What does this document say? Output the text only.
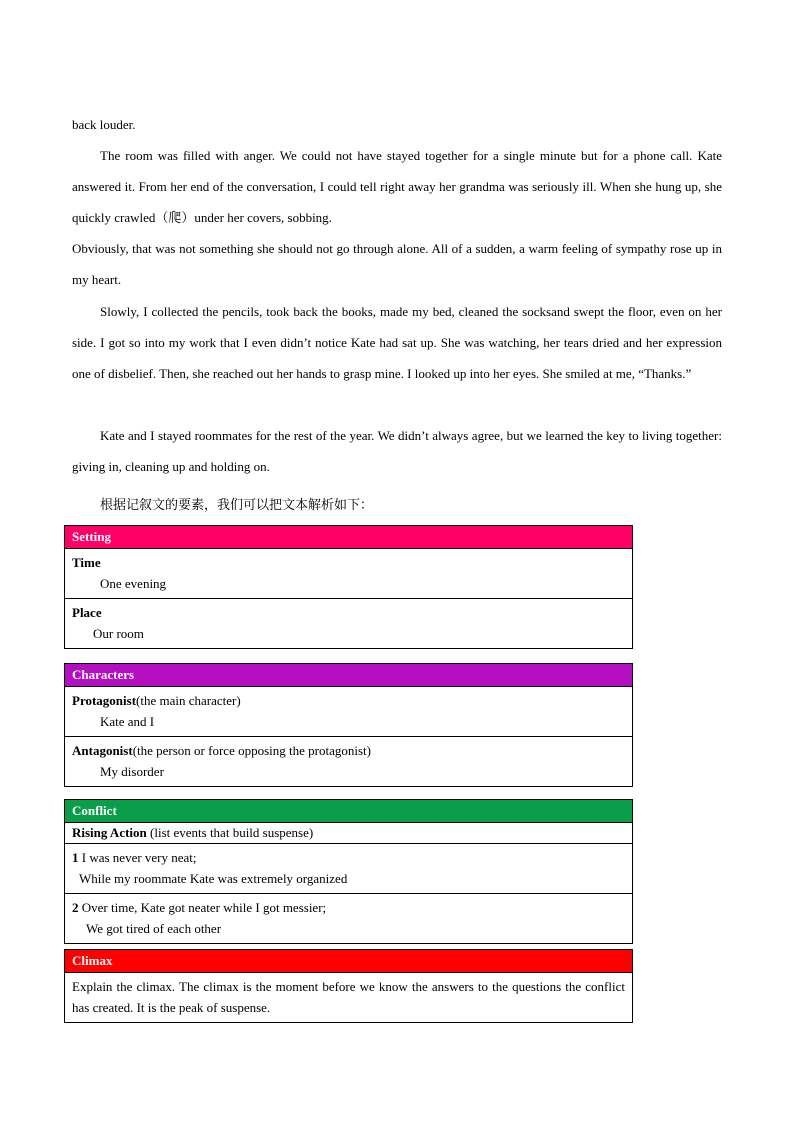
back louder.

The room was filled with anger. We could not have stayed together for a single minute but for a phone call. Kate answered it. From her end of the conversation, I could tell right away her grandma was seriously ill. When she hung up, she quickly crawled（爬）under her covers, sobbing.

Obviously, that was not something she should not go through alone. All of a sudden, a warm feeling of sympathy rose up in my heart.

Slowly, I collected the pencils, took back the books, made my bed, cleaned the socksand swept the floor, even on her side. I got so into my work that I even didn’t notice Kate had sat up. She was watching, her tears dried and her expression one of disbelief. Then, she reached out her hands to grasp mine. I looked up into her eyes. She smiled at me, “Thanks.”

Kate and I stayed roommates for the rest of the year. We didn’t always agree, but we learned the key to living together: giving in, cleaning up and holding on.

根据记叙文的要素，我们可以把文本解析如下：
Setting
Time
One evening
Place
Our room
Characters
Protagonist(the main character)
Kate and I
Antagonist(the person or force opposing the protagonist)
My disorder
Conflict
Rising Action (list events that build suspense)
1 I was never very neat;
While my roommate Kate was extremely organized
2 Over time, Kate got neater while I got messier;
We got tired of each other
Climax
Explain the climax. The climax is the moment before we know the answers to the questions the conflict has created. It is the peak of suspense.
